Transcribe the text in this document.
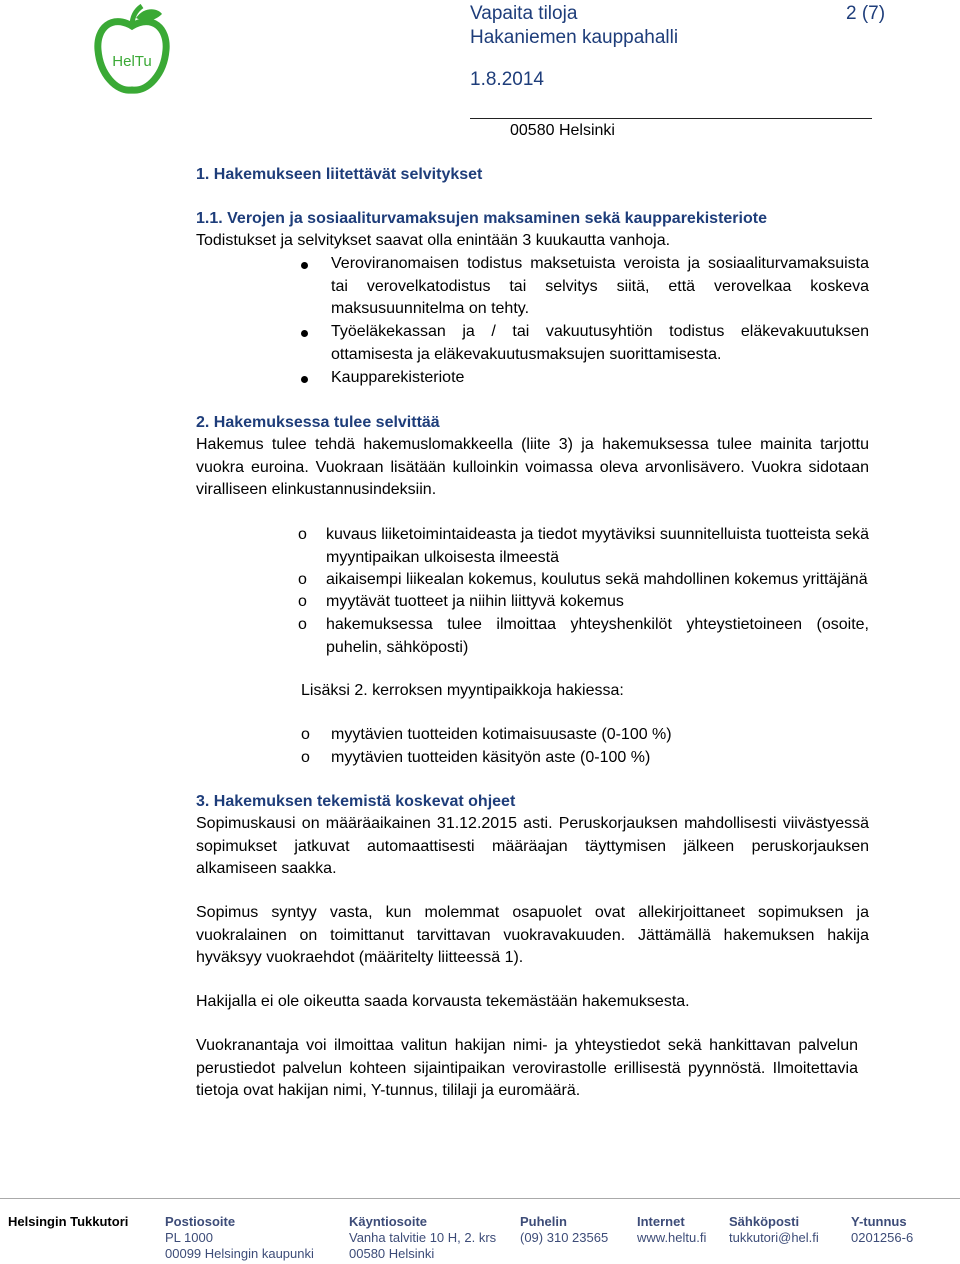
HelTu
Vapaita tiloja
Hakaniemen kauppahalli
2 (7)
1.8.2014
00580 Helsinki
1. Hakemukseen liitettävät selvitykset
1.1. Verojen ja sosiaaliturvamaksujen maksaminen sekä kaupparekisteriote
Todistukset ja selvitykset saavat olla enintään 3 kuukautta vanhoja.
Veroviranomaisen todistus maksetuista veroista ja sosiaaliturvamaksuista
tai verovelkatodistus tai selvitys siitä, että verovelkaa koskeva
maksusuunnitelma on tehty.
Työeläkekassan ja / tai vakuutusyhtiön todistus eläkevakuutuksen
ottamisesta ja eläkevakuutusmaksujen suorittamisesta.
Kaupparekisteriote
2. Hakemuksessa tulee selvittää
Hakemus tulee tehdä hakemuslomakkeella (liite 3) ja hakemuksessa tulee mainita tarjottu
vuokra euroina. Vuokraan lisätään kulloinkin voimassa oleva arvonlisävero. Vuokra sidotaan
viralliseen elinkustannusindeksiin.
o kuvaus liiketoimintaideasta ja tiedot myytäviksi suunnitelluista tuotteista sekä
myyntipaikan ulkoisesta ilmeestä
o aikaisempi liikealan kokemus, koulutus sekä mahdollinen kokemus yrittäjänä
o myytävät tuotteet ja niihin liittyvä kokemus
o hakemuksessa tulee ilmoittaa yhteyshenkilöt yhteystietoineen (osoite,
puhelin, sähköposti)
Lisäksi 2. kerroksen myyntipaikkoja hakiessa:
o myytävien tuotteiden kotimaisuusaste (0-100 %)
o myytävien tuotteiden käsityön aste (0-100 %)
3. Hakemuksen tekemistä koskevat ohjeet
Sopimuskausi on määräaikainen 31.12.2015 asti. Peruskorjauksen mahdollisesti viivästyessä
sopimukset jatkuvat automaattisesti määräajan täyttymisen jälkeen peruskorjauksen
alkamiseen saakka.
Sopimus syntyy vasta, kun molemmat osapuolet ovat allekirjoittaneet sopimuksen ja
vuokralainen on toimittanut tarvittavan vuokravakuuden. Jättämällä hakemuksen hakija
hyväksyy vuokraehdot (määritelty liitteessä 1).
Hakijalla ei ole oikeutta saada korvausta tekemästään hakemuksesta.
Vuokranantaja voi ilmoittaa valitun hakijan nimi- ja yhteystiedot sekä hankittavan palvelun
perustiedot palvelun kohteen sijaintipaikan verovirastolle erillisestä pyynnöstä. Ilmoitettavia
tietoja ovat hakijan nimi, Y-tunnus, tililaji ja euromäärä.
Helsingin Tukkutori	Postiosoite
PL 1000
00099 Helsingin kaupunki
Käyntiosoite
Vanha talvitie 10 H, 2. krs
00580 Helsinki
Puhelin
(09) 310 23565
Internet
www.heltu.fi
Sähköposti
tukkutori@hel.fi
Y-tunnus
0201256-6
